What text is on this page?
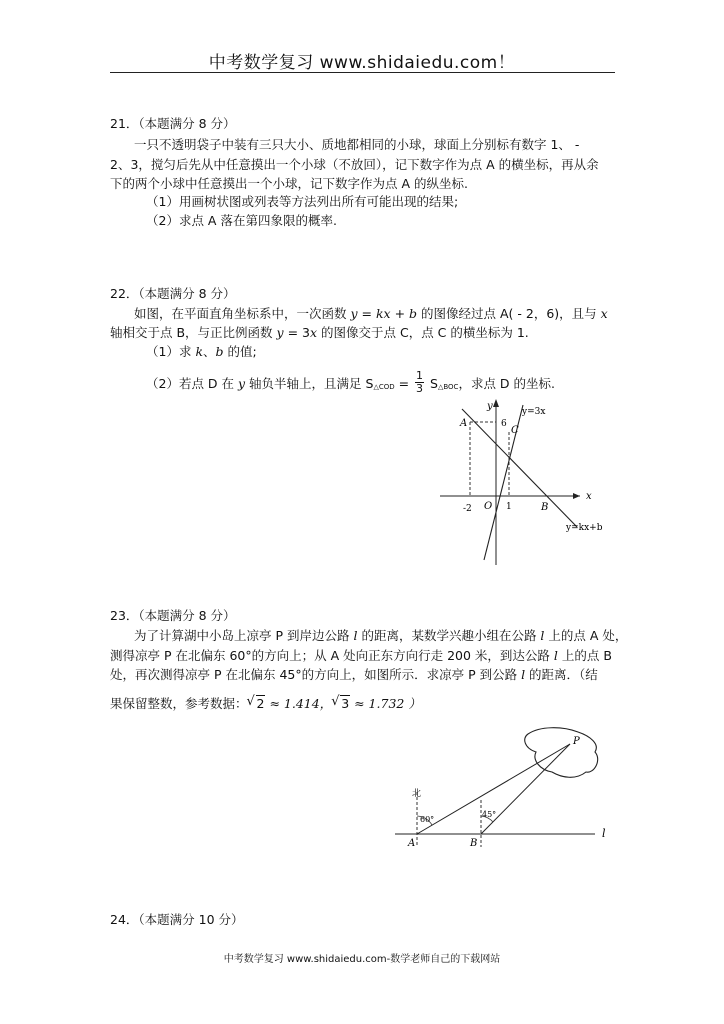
中考数学复习 www.shidaiedu.com！
21．（本题满分 8 分）
一只不透明袋子中装有三只大小、质地都相同的小球，球面上分别标有数字 1、 -
2、3，搅匀后先从中任意摸出一个小球（不放回），记下数字作为点 A 的横坐标，再从余
下的两个小球中任意摸出一个小球，记下数字作为点 A 的纵坐标.
（1）用画树状图或列表等方法列出所有可能出现的结果;
（2）求点 A 落在第四象限的概率.
22．（本题满分 8 分）
如图，在平面直角坐标系中，一次函数 y = kx + b 的图像经过点 A( - 2，6)，且与 x
轴相交于点 B，与正比例函数 y = 3x 的图像交于点 C，点 C 的横坐标为 1.
（1）求 k、b 的值;
（2）若点 D 在 y 轴负半轴上，且满足 S△COD = $\frac{1}{3}$ S△BOC，求点 D 的坐标.
y
x
A	6
y=3x
C
-2 O 1	B
y=kx+b
23．（本题满分 8 分）
为了计算湖中小岛上凉亭 P 到岸边公路 l 的距离，某数学兴趣小组在公路 l 上的点 A 处，
测得凉亭 P 在北偏东 60°的方向上；从 A 处向正东方向行走 200 米，到达公路 l 上的点 B
处，再次测得凉亭 P 在北偏东 45°的方向上，如图所示．求凉亭 P 到公路 l 的距离．（结
果保留整数，参考数据： √ 2 ≈ 1.414， √ 3 ≈ 1.732 ）
P
北
60°
45°
A	B
l
24．（本题满分 10 分）
中考数学复习 www.shidaiedu.com-数学老师自己的下载网站
